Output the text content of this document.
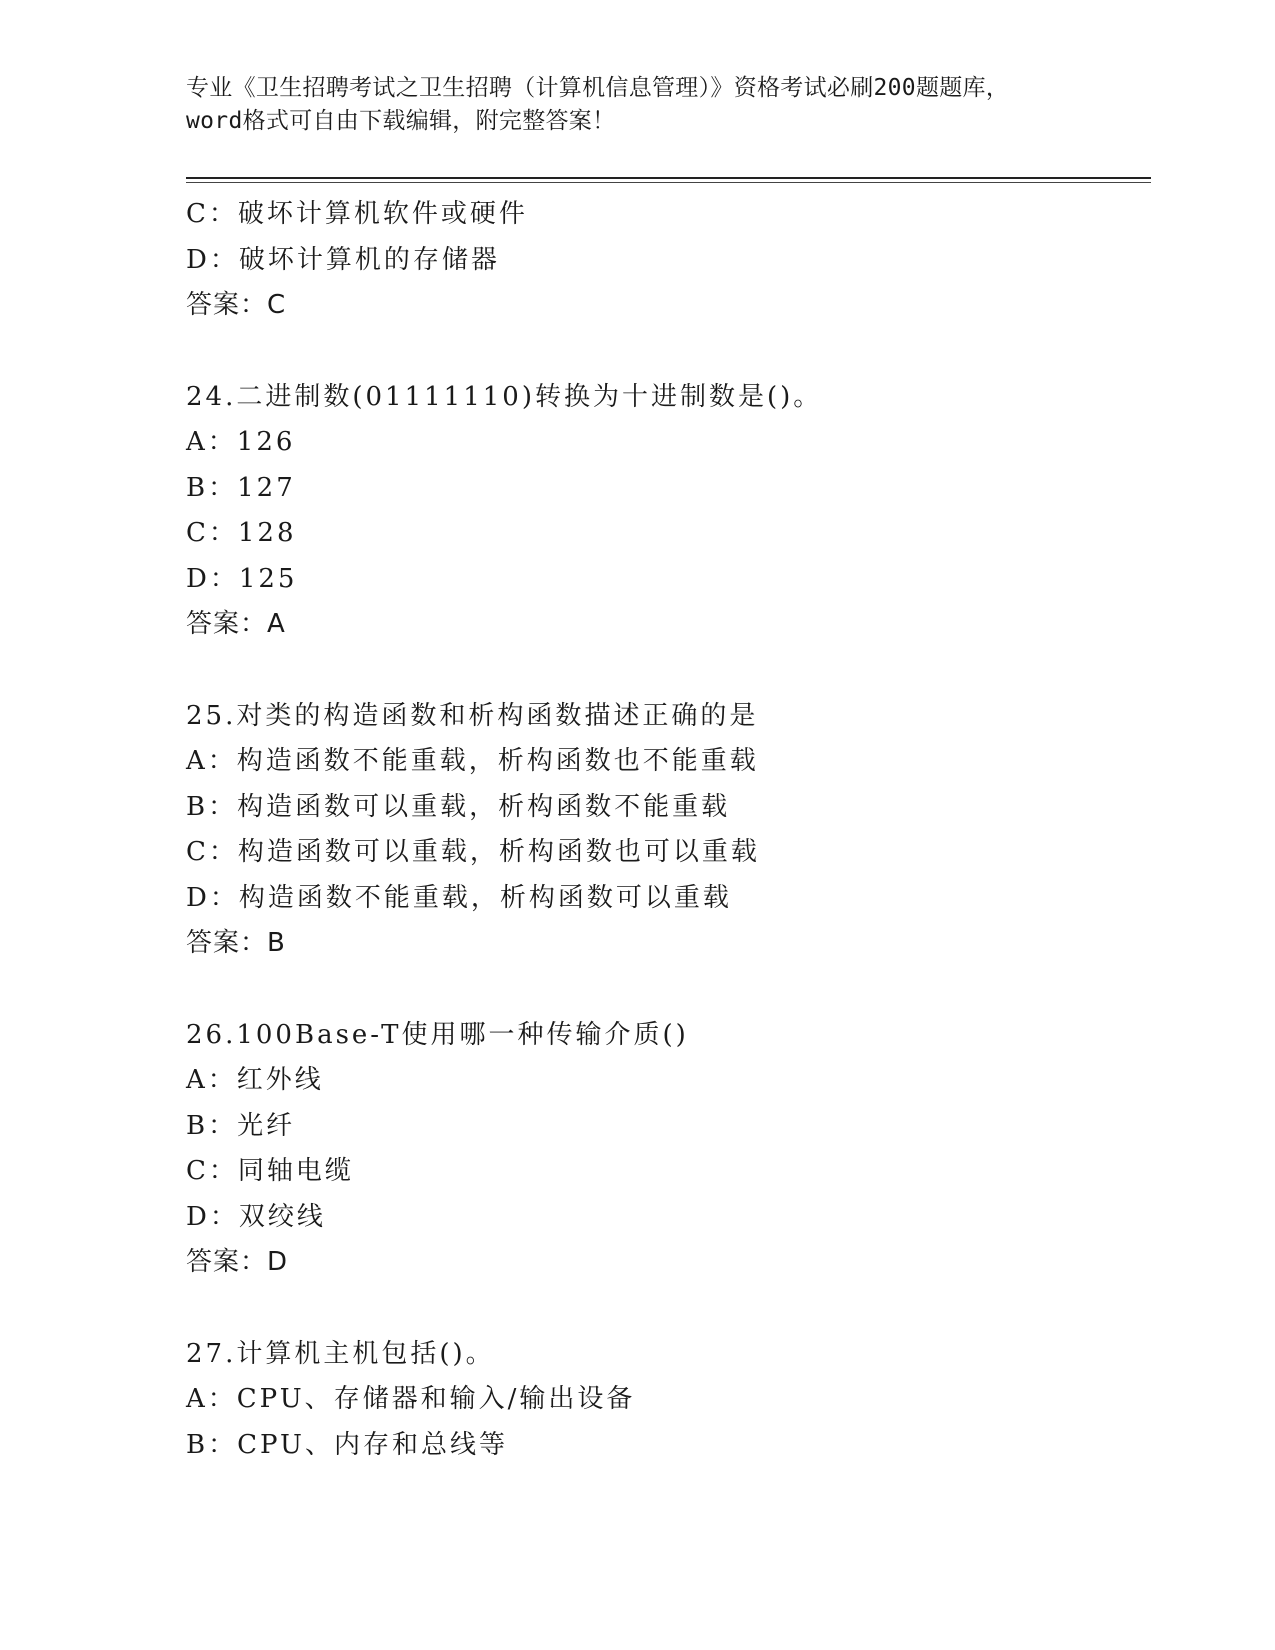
专业《卫生招聘考试之卫生招聘（计算机信息管理）》资格考试必刷200题题库，
word格式可自由下载编辑，附完整答案！
C：破坏计算机软件或硬件
D：破坏计算机的存储器
答案：C
24.二进制数(01111110)转换为十进制数是()。
A：126
B：127
C：128
D：125
答案：A
25.对类的构造函数和析构函数描述正确的是
A：构造函数不能重载，析构函数也不能重载
B：构造函数可以重载，析构函数不能重载
C：构造函数可以重载，析构函数也可以重载
D：构造函数不能重载，析构函数可以重载
答案：B
26.100Base-T使用哪一种传输介质()
A：红外线
B：光纤
C：同轴电缆
D：双绞线
答案：D
27.计算机主机包括()。
A：CPU、存储器和输入/输出设备
B：CPU、内存和总线等
